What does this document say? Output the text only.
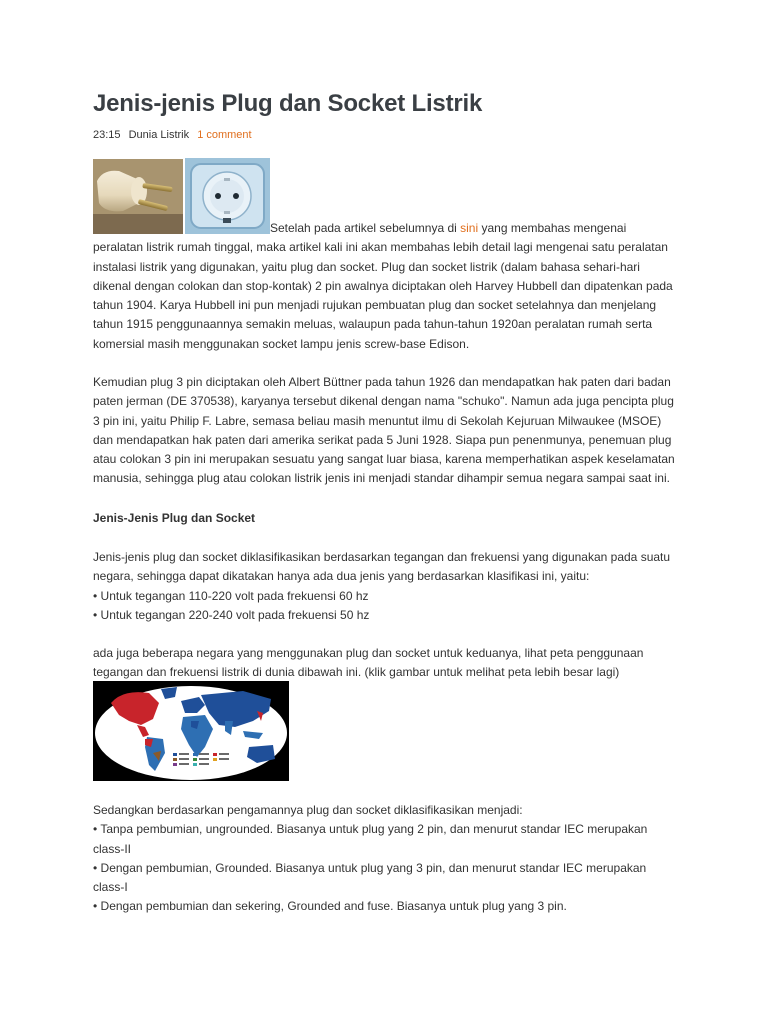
Jenis-jenis Plug dan Socket Listrik
23:15 Dunia Listrik 1 comment

Setelah pada artikel sebelumnya di sini yang membahas mengenai peralatan listrik rumah tinggal, maka artikel kali ini akan membahas lebih detail lagi mengenai satu peralatan instalasi listrik yang digunakan, yaitu plug dan socket. Plug dan socket listrik (dalam bahasa sehari-hari dikenal dengan colokan dan stop-kontak) 2 pin awalnya diciptakan oleh Harvey Hubbell dan dipatenkan pada tahun 1904. Karya Hubbell ini pun menjadi rujukan pembuatan plug dan socket setelahnya dan menjelang tahun 1915 penggunaannya semakin meluas, walaupun pada tahun-tahun 1920an peralatan rumah serta komersial masih menggunakan socket lampu jenis screw-base Edison.

Kemudian plug 3 pin diciptakan oleh Albert Büttner pada tahun 1926 dan mendapatkan hak paten dari badan paten jerman (DE 370538), karyanya tersebut dikenal dengan nama "schuko". Namun ada juga pencipta plug 3 pin ini, yaitu Philip F. Labre, semasa beliau masih menuntut ilmu di Sekolah Kejuruan Milwaukee (MSOE) dan mendapatkan hak paten dari amerika serikat pada 5 Juni 1928. Siapa pun penenmunya, penemuan plug atau colokan 3 pin ini merupakan sesuatu yang sangat luar biasa, karena memperhatikan aspek keselamatan manusia, sehingga plug atau colokan listrik jenis ini menjadi standar dihampir semua negara sampai saat ini.
Jenis-Jenis Plug dan Socket

Jenis-jenis plug dan socket diklasifikasikan berdasarkan tegangan dan frekuensi yang digunakan pada suatu negara, sehingga dapat dikatakan hanya ada dua jenis yang berdasarkan klasifikasi ini, yaitu:

• Untuk tegangan 110-220 volt pada frekuensi 60 hz

• Untuk tegangan 220-240 volt pada frekuensi 50 hz

ada juga beberapa negara yang menggunakan plug dan socket untuk keduanya, lihat peta penggunaan tegangan dan frekuensi listrik di dunia dibawah ini. (klik gambar untuk melihat peta lebih besar lagi)

Sedangkan berdasarkan pengamannya plug dan socket diklasifikasikan menjadi:

• Tanpa pembumian, ungrounded. Biasanya untuk plug yang 2 pin, dan menurut standar IEC merupakan class-II

• Dengan pembumian, Grounded. Biasanya untuk plug yang 3 pin, dan menurut standar IEC merupakan class-I

• Dengan pembumian dan sekering, Grounded and fuse. Biasanya untuk plug yang 3 pin.
